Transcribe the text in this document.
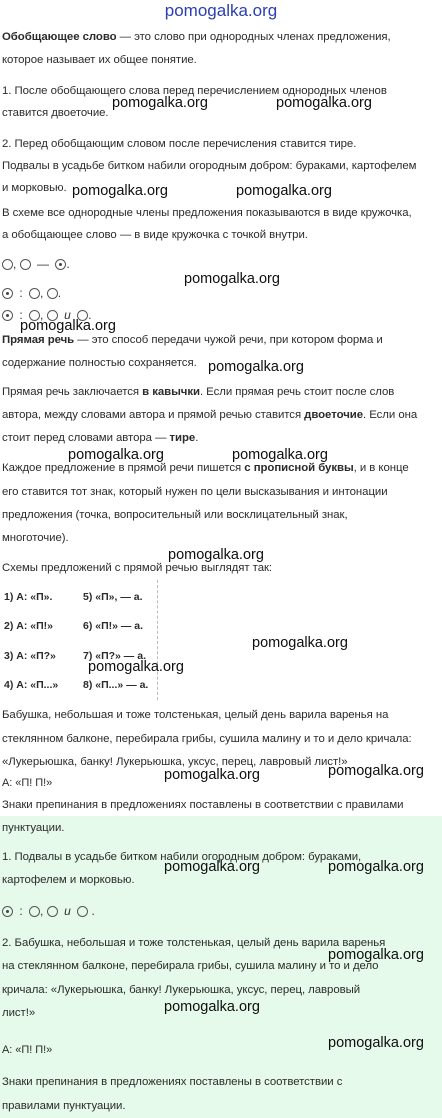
pomogalka.org
Обобщающее слово — это слово при однородных членах предложения,
которое называет их общее понятие.
1. После обобщающего слова перед перечислением однородных членов
ставится двоеточие.
2. Перед обобщающим словом после перечисления ставится тире.
Подвалы в усадьбе битком набили огородным добром: бураками, картофелем
и морковью.
В схеме все однородные члены предложения показываются в виде кружочка,
а обобщающее слово — в виде кружочка с точкой внутри.
, — .
: , .
: , и .
Прямая речь — это способ передачи чужой речи, при котором форма и
содержание полностью сохраняется.
Прямая речь заключается в кавычки. Если прямая речь стоит после слов
автора, между словами автора и прямой речью ставится двоеточие. Если она
стоит перед словами автора — тире.
Каждое предложение в прямой речи пишется с прописной буквы, и в конце
его ставится тот знак, который нужен по цели высказывания и интонации
предложения (точка, вопросительный или восклицательный знак,
многоточие).
Схемы предложений с прямой речью выглядят так:
1) А: «П».
2) А: «П!»
3) А: «П?»
4) А: «П...»
5) «П», — а.
6) «П!» — а.
7) «П?» — а.
8) «П...» — а.
Бабушка, небольшая и тоже толстенькая, целый день варила варенья на
стеклянном балконе, перебирала грибы, сушила малину и то и дело кричала:
«Лукерьюшка, банку! Лукерьюшка, уксус, перец, лавровый лист!»
А: «П! П!»
Знаки препинания в предложениях поставлены в соответствии с правилами
пунктуации.
1. Подвалы в усадьбе битком набили огородным добром: бураками,
картофелем и морковью.
: , и .
2. Бабушка, небольшая и тоже толстенькая, целый день варила варенья
на стеклянном балконе, перебирала грибы, сушила малину и то и дело
кричала: «Лукерьюшка, банку! Лукерьюшка, уксус, перец, лавровый
лист!»
А: «П! П!»
Знаки препинания в предложениях поставлены в соответствии с
правилами пунктуации.
pomogalka.org	pomogalka.org
pomogalka.org	pomogalka.org
pomogalka.org
pomogalka.org
pomogalka.org
pomogalka.org	pomogalka.org
pomogalka.org
pomogalka.org
pomogalka.org
pomogalka.org	pomogalka.org
pomogalka.org	pomogalka.org
pomogalka.org
pomogalka.org
pomogalka.org
